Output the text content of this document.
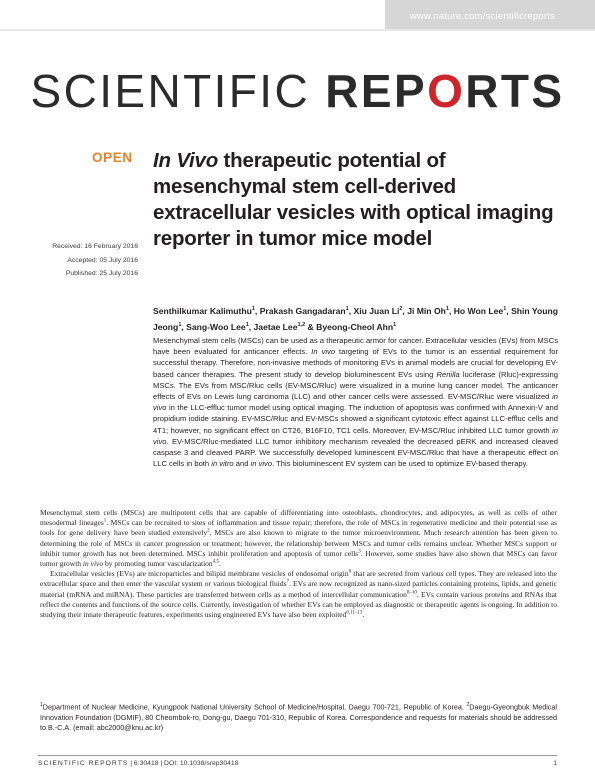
www.nature.com/scientificreports
SCIENTIFIC REPORTS
OPEN
Received: 16 February 2016
Accepted: 05 July 2016
Published: 25 July 2016
In Vivo therapeutic potential of mesenchymal stem cell-derived extracellular vesicles with optical imaging reporter in tumor mice model
Senthilkumar Kalimuthu$^1$, Prakash Gangadaran$^1$, Xiu Juan Li$^2$, Ji Min Oh$^1$, Ho Won Lee$^1$, Shin Young Jeong$^1$, Sang-Woo Lee$^1$, Jaetae Lee$^{1,2}$ & Byeong-Cheol Ahn$^1$
Mesenchymal stem cells (MSCs) can be used as a therapeutic armor for cancer. Extracellular vesicles (EVs) from MSCs have been evaluated for anticancer effects. In vivo targeting of EVs to the tumor is an essential requirement for successful therapy. Therefore, non-invasive methods of monitoring EVs in animal models are crucial for developing EV-based cancer therapies. The present study to develop bioluminescent EVs using Renilla luciferase (Rluc)-expressing MSCs. The EVs from MSC/Rluc cells (EV-MSC/Rluc) were visualized in a murine lung cancer model. The anticancer effects of EVs on Lewis lung carcinoma (LLC) and other cancer cells were assessed. EV-MSC/Rluc were visualized in vivo in the LLC-effluc tumor model using optical imaging. The induction of apoptosis was confirmed with Annexin-V and propidium iodide staining. EV-MSC/Rluc and EV-MSCs showed a significant cytotoxic effect against LLC-effluc cells and 4T1; however, no significant effect on CT26, B16F10, TC1 cells. Moreover, EV-MSC/Rluc inhibited LLC tumor growth in vivo. EV-MSC/Rluc-mediated LLC tumor inhibitory mechanism revealed the decreased pERK and increased cleaved caspase 3 and cleaved PARP. We successfully developed luminescent EV-MSC/Rluc that have a therapeutic effect on LLC cells in both in vitro and in vivo. This bioluminescent EV system can be used to optimize EV-based therapy.

Mesenchymal stem cells (MSCs) are multipotent cells that are capable of differentiating into osteoblasts, chondrocytes, and adipocytes, as well as cells of other mesodermal lineages$^1$. MSCs can be recruited to sites of inflammation and tissue repair; therefore, the role of MSCs in regenerative medicine and their potential use as tools for gene delivery have been studied extensively$^2$. MSCs are also known to migrate to the tumor microenvironment. Much research attention has been given to determining the role of MSCs in cancer progression or treatment; however, the relationship between MSCs and tumor cells remains unclear. Whether MSCs support or inhibit tumor growth has not been determined. MSCs inhibit proliferation and apoptosis of tumor cells$^3$. However, some studies have also shown that MSCs can favor tumor growth in vivo by promoting tumor vascularization$^{4,5}$.

Extracellular vesicles (EVs) are microparticles and bilipid membrane vesicles of endosomal origin$^6$ that are secreted from various cell types. They are released into the extracellular space and then enter the vascular system or various biological fluids$^7$. EVs are now recognized as nano-sized particles containing proteins, lipids, and genetic material (mRNA and miRNA). These particles are transferred between cells as a method of intercellular communication$^{8-10}$. EVs contain various proteins and RNAs that reflect the contents and functions of the source cells. Currently, investigation of whether EVs can be employed as diagnostic or therapeutic agents is ongoing. In addition to studying their innate therapeutic features, experiments using engineered EVs have also been exploited$^{6,11-13}$.

$^1$Department of Nuclear Medicine, Kyungpook National University School of Medicine/Hospital, Daegu 700-721, Republic of Korea. $^2$Daegu-Gyeongbuk Medical Innovation Foundation (DGMIF), 80 Cheombok-ro, Dong-gu, Daegu 701-310, Republic of Korea. Correspondence and requests for materials should be addressed to B.-C.A. (email: abc2000@knu.ac.kr)
SCIENTIFIC REPORTS | 6:30418 | DOI: 10.1038/srep30418	1
